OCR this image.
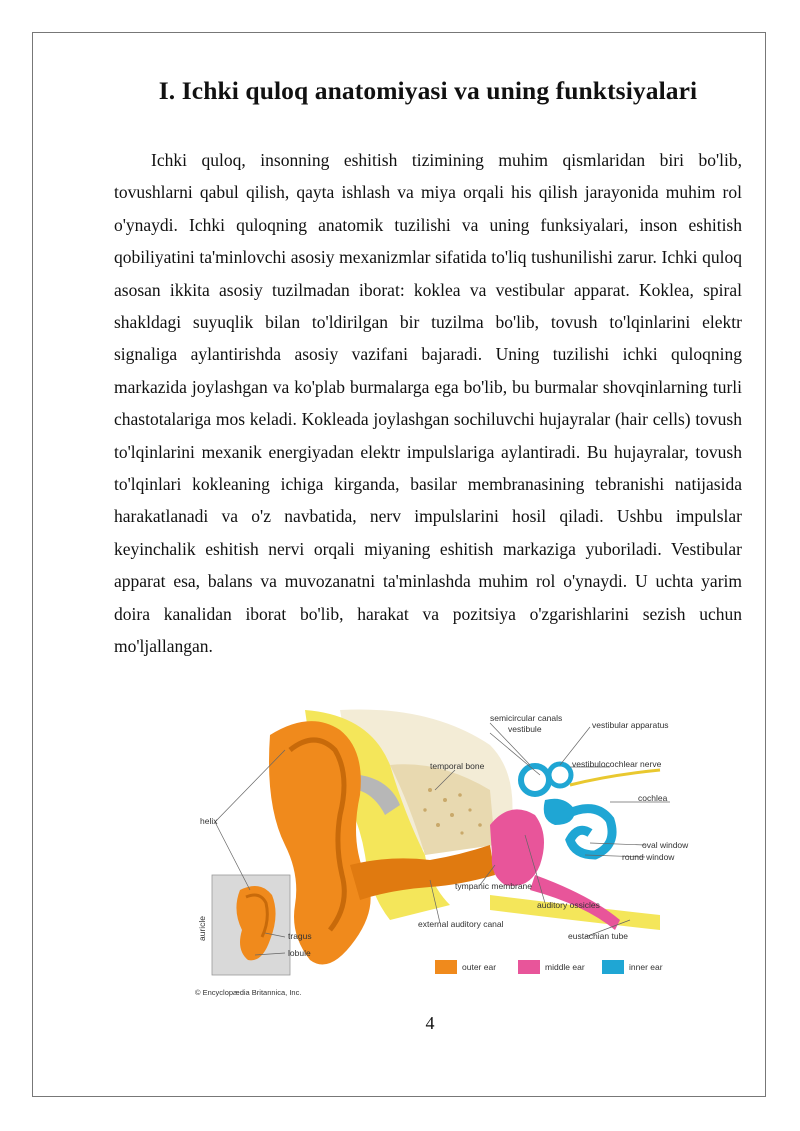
I. Ichki quloq anatomiyasi va uning funktsiyalari

Ichki quloq, insonning eshitish tizimining muhim qismlaridan biri bo'lib, tovushlarni qabul qilish, qayta ishlash va miya orqali his qilish jarayonida muhim rol o'ynaydi. Ichki quloqning anatomik tuzilishi va uning funksiyalari, inson eshitish qobiliyatini ta'minlovchi asosiy mexanizmlar sifatida to'liq tushunilishi zarur. Ichki quloq asosan ikkita asosiy tuzilmadan iborat: koklea va vestibular apparat. Koklea, spiral shakldagi suyuqlik bilan to'ldirilgan bir tuzilma bo'lib, tovush to'lqinlarini elektr signaliga aylantirishda asosiy vazifani bajaradi. Uning tuzilishi ichki quloqning markazida joylashgan va ko'plab burmalarga ega bo'lib, bu burmalar shovqinlarning turli chastotalariga mos keladi. Kokleada joylashgan sochiluvchi hujayralar (hair cells) tovush to'lqinlarini mexanik energiyadan elektr impulslariga aylantiradi. Bu hujayralar, tovush to'lqinlari kokleaning ichiga kirganda, basilar membranasining tebranishi natijasida harakatlanadi va o'z navbatida, nerv impulslarini hosil qiladi. Ushbu impulslar keyinchalik eshitish nervi orqali miyaning eshitish markaziga yuboriladi. Vestibular apparat esa, balans va muvozanatni ta'minlashda muhim rol o'ynaydi. U uchta yarim doira kanalidan iborat bo'lib, harakat va pozitsiya o'zgarishlarini sezish uchun mo'ljallangan.

semicircular canals
vestibule	vestibular apparatus
temporal bone	vestibulocochlear nerve
cochlea
helix
oval window
round window
tympanic membrane
auditory ossicles
external auditory canal
eustachian tube
auricle	tragus
lobule
© Encyclopædia Britannica, Inc.
outer ear	middle ear	inner ear
4
